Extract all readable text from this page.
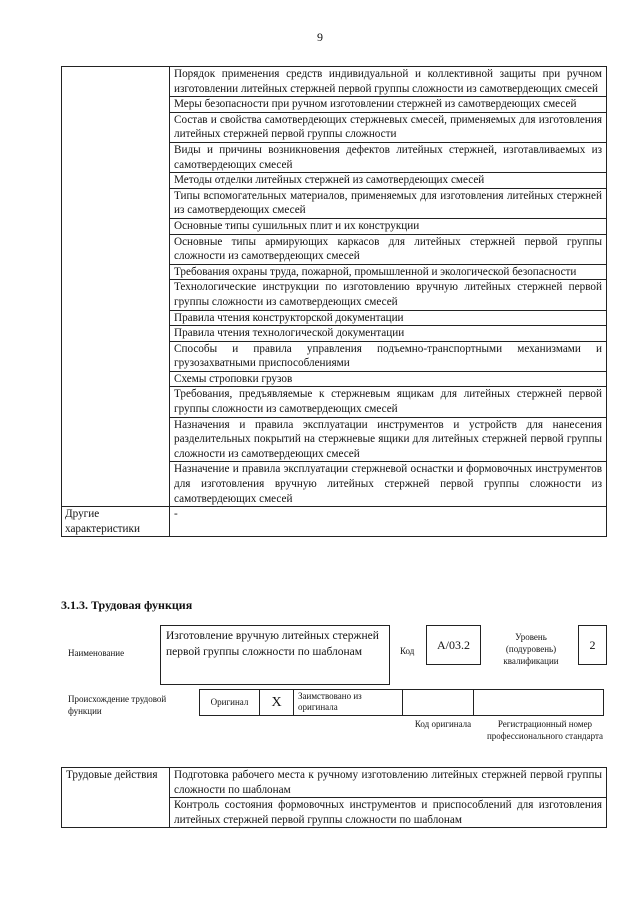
9
	Порядок применения средств индивидуальной и коллективной защиты при ручном изготовлении литейных стержней первой группы сложности из самотвердеющих смесей
	Меры безопасности при ручном изготовлении стержней из самотвердеющих смесей
	Состав и свойства самотвердеющих стержневых смесей, применяемых для изготовления литейных стержней первой группы сложности
	Виды и причины возникновения дефектов литейных стержней, изготавливаемых из самотвердеющих смесей
	Методы отделки литейных стержней из самотвердеющих смесей
	Типы вспомогательных материалов, применяемых для изготовления литейных стержней из самотвердеющих смесей
	Основные типы сушильных плит и их конструкции
	Основные типы армирующих каркасов для литейных стержней первой группы сложности из самотвердеющих смесей
	Требования охраны труда, пожарной, промышленной и экологической безопасности
	Технологические инструкции по изготовлению вручную литейных стержней первой группы сложности из самотвердеющих смесей
	Правила чтения конструкторской документации
	Правила чтения технологической документации
	Способы и правила управления подъемно-транспортными механизмами и грузозахватными приспособлениями
	Схемы строповки грузов
	Требования, предъявляемые к стержневым ящикам для литейных стержней первой группы сложности из самотвердеющих смесей
	Назначения и правила эксплуатации инструментов и устройств для нанесения разделительных покрытий на стержневые ящики для литейных стержней первой группы сложности из самотвердеющих смесей
	Назначение и правила эксплуатации стержневой оснастки и формовочных инструментов для изготовления вручную литейных стержней первой группы сложности из самотвердеющих смесей
Другие характеристики	-
3.1.3. Трудовая функция
Наименование
Изготовление вручную литейных стержней первой группы сложности по шаблонам	Код	А/03.2
Уровень (подуровень) квалификации
2
Происхождение трудовой функции
Оригинал	X	Заимствовано из оригинала
Код оригинала	Регистрационный номер профессионального стандарта
Трудовые действия	Подготовка рабочего места к ручному изготовлению литейных стержней первой группы сложности по шаблонам
Контроль состояния формовочных инструментов и приспособлений для изготовления литейных стержней первой группы сложности по шаблонам
